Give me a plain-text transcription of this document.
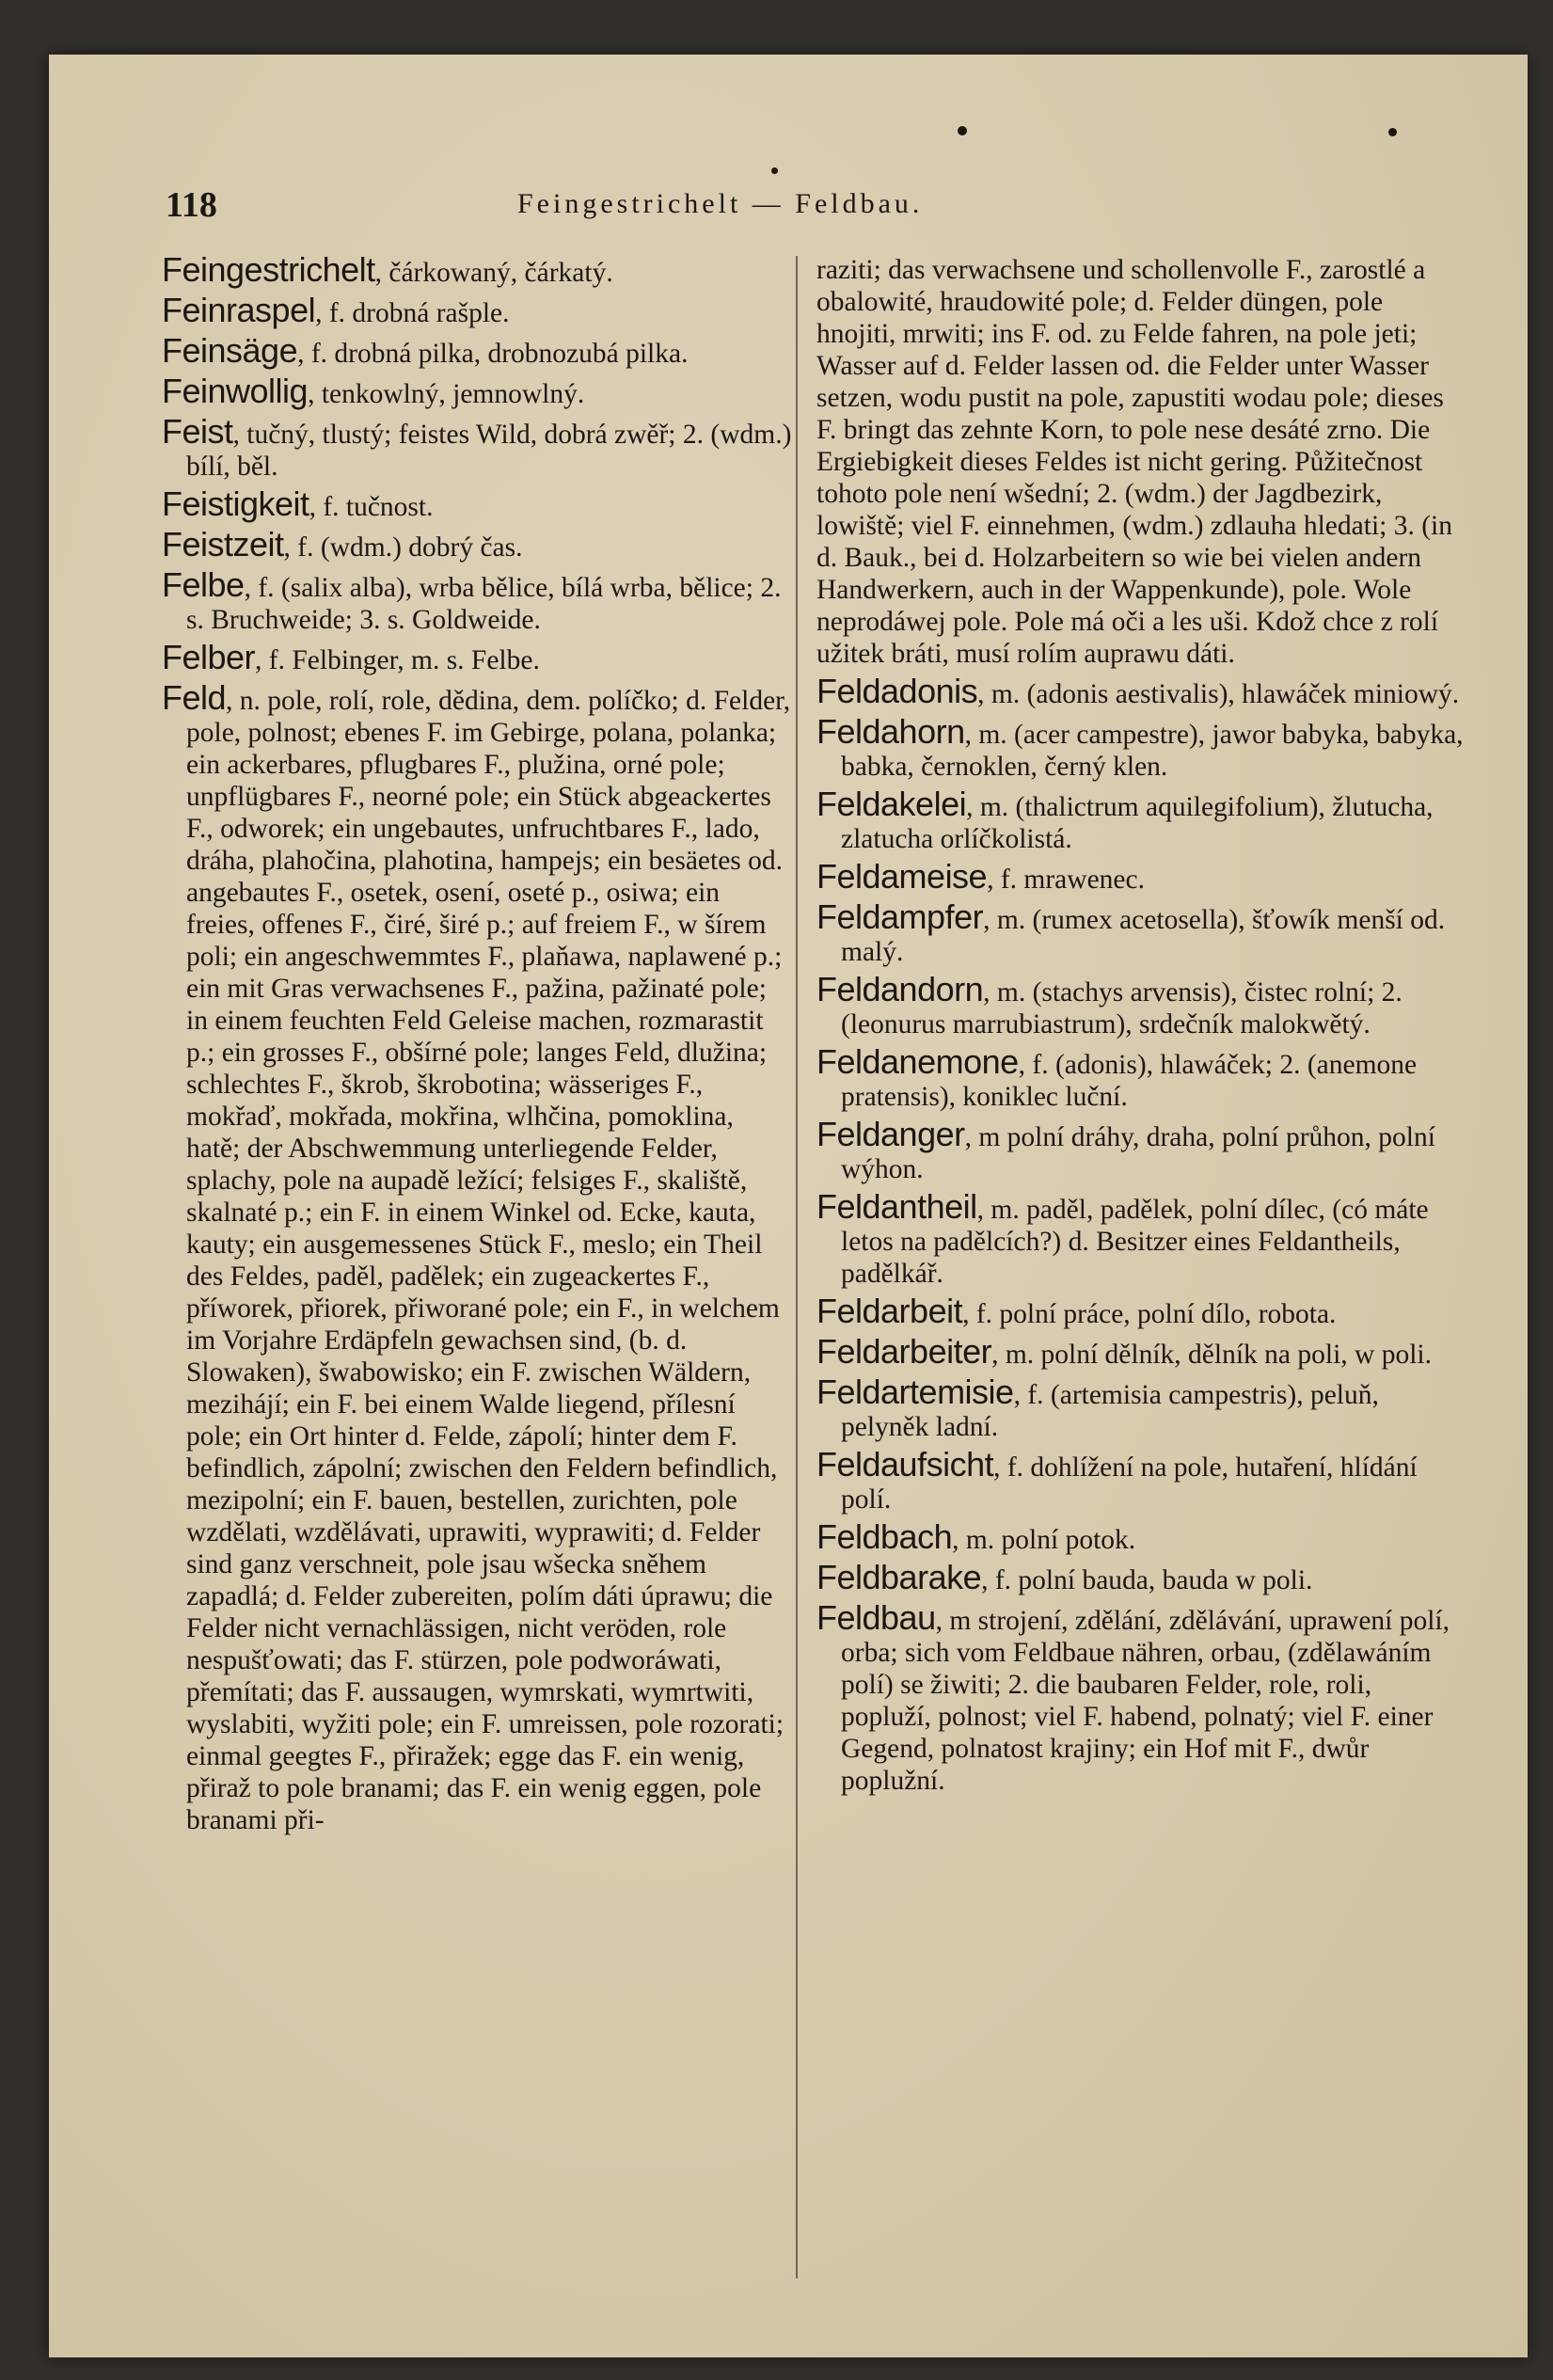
118	Feingestrichelt — Feldbau.

Feingestrichelt, čárkowaný, čárkatý.

Feinraspel, f. drobná rašple.

Feinsäge, f. drobná pilka, drobnozubá pilka.

Feinwollig, tenkowlný, jemnowlný.

Feist, tučný, tlustý; feistes Wild, dobrá zwěř; 2. (wdm.) bílí, běl.

Feistigkeit, f. tučnost.

Feistzeit, f. (wdm.) dobrý čas.

Felbe, f. (salix alba), wrba bělice, bílá wrba, bělice; 2. s. Bruchweide; 3. s. Goldweide.

Felber, f. Felbinger, m. s. Felbe.

Feld, n. pole, rolí, role, dědina, dem. políčko; d. Felder, pole, polnost; ebenes F. im Gebirge, polana, polanka; ein ackerbares, pflugbares F., plužina, orné pole; unpflügbares F., neorné pole; ein Stück abgeackertes F., odworek; ein ungebautes, unfruchtbares F., lado, dráha, plahočina, plahotina, hampejs; ein besäetes od. angebautes F., osetek, osení, oseté p., osiwa; ein freies, offenes F., čiré, širé p.; auf freiem F., w šírem poli; ein angeschwemmtes F., plaňawa, naplawené p.; ein mit Gras verwachsenes F., pažina, pažinaté pole; in einem feuchten Feld Geleise machen, rozmarastit p.; ein grosses F., obšírné pole; langes Feld, dlužina; schlechtes F., škrob, škrobotina; wässeriges F., mokřaď, mokřada, mokřina, wlhčina, pomoklina, hatě; der Abschwemmung unterliegende Felder, splachy, pole na aupadě ležící; felsiges F., skaliště, skalnaté p.; ein F. in einem Winkel od. Ecke, kauta, kauty; ein ausgemessenes Stück F., meslo; ein Theil des Feldes, paděl, padělek; ein zugeackertes F., příworek, přiorek, přiworané pole; ein F., in welchem im Vorjahre Erdäpfeln gewachsen sind, (b. d. Slowaken), šwabowisko; ein F. zwischen Wäldern, mezihájí; ein F. bei einem Walde liegend, přílesní pole; ein Ort hinter d. Felde, zápolí; hinter dem F. befindlich, zápolní; zwischen den Feldern befindlich, mezipolní; ein F. bauen, bestellen, zurichten, pole wzdělati, wzdělávati, uprawiti, wyprawiti; d. Felder sind ganz verschneit, pole jsau wšecka sněhem zapadlá; d. Felder zubereiten, polím dáti úprawu; die Felder nicht vernachlässigen, nicht veröden, role nespušťowati; das F. stürzen, pole podworáwati, přemítati; das F. aussaugen, wymrskati, wymrtwiti, wyslabiti, wyžiti pole; ein F. umreissen, pole rozorati; einmal geegtes F., přiražek; egge das F. ein wenig, přiraž to pole branami; das F. ein wenig eggen, pole branami při-

raziti; das verwachsene und schollenvolle F., zarostlé a obalowité, hraudowité pole; d. Felder düngen, pole hnojiti, mrwiti; ins F. od. zu Felde fahren, na pole jeti; Wasser auf d. Felder lassen od. die Felder unter Wasser setzen, wodu pustit na pole, zapustiti wodau pole; dieses F. bringt das zehnte Korn, to pole nese desáté zrno. Die Ergiebigkeit dieses Feldes ist nicht gering. Půžitečnost tohoto pole není wšední; 2. (wdm.) der Jagdbezirk, lowiště; viel F. einnehmen, (wdm.) zdlauha hledati; 3. (in d. Bauk., bei d. Holzarbeitern so wie bei vielen andern Handwerkern, auch in der Wappenkunde), pole. Wole neprodáwej pole. Pole má oči a les uši. Kdož chce z rolí užitek bráti, musí rolím auprawu dáti.

Feldadonis, m. (adonis aestivalis), hlawáček miniowý.

Feldahorn, m. (acer campestre), jawor babyka, babyka, babka, černoklen, černý klen.

Feldakelei, m. (thalictrum aquilegifolium), žlutucha, zlatucha orlíčkolistá.

Feldameise, f. mrawenec.

Feldampfer, m. (rumex acetosella), šťowík menší od. malý.

Feldandorn, m. (stachys arvensis), čistec rolní; 2. (leonurus marrubiastrum), srdečník malokwětý.

Feldanemone, f. (adonis), hlawáček; 2. (anemone pratensis), koniklec luční.

Feldanger, m polní dráhy, draha, polní průhon, polní wýhon.

Feldantheil, m. paděl, padělek, polní dílec, (có máte letos na padělcích?) d. Besitzer eines Feldantheils, padělkář.

Feldarbeit, f. polní práce, polní dílo, robota.

Feldarbeiter, m. polní dělník, dělník na poli, w poli.

Feldartemisie, f. (artemisia campestris), peluň, pelyněk ladní.

Feldaufsicht, f. dohlížení na pole, hutaření, hlídání polí.

Feldbach, m. polní potok.

Feldbarake, f. polní bauda, bauda w poli.

Feldbau, m strojení, zdělání, zdělávání, uprawení polí, orba; sich vom Feldbaue nähren, orbau, (zdělawáním polí) se žiwiti; 2. die baubaren Felder, role, roli, popluží, polnost; viel F. habend, polnatý; viel F. einer Gegend, polnatost krajiny; ein Hof mit F., dwůr poplužní.
